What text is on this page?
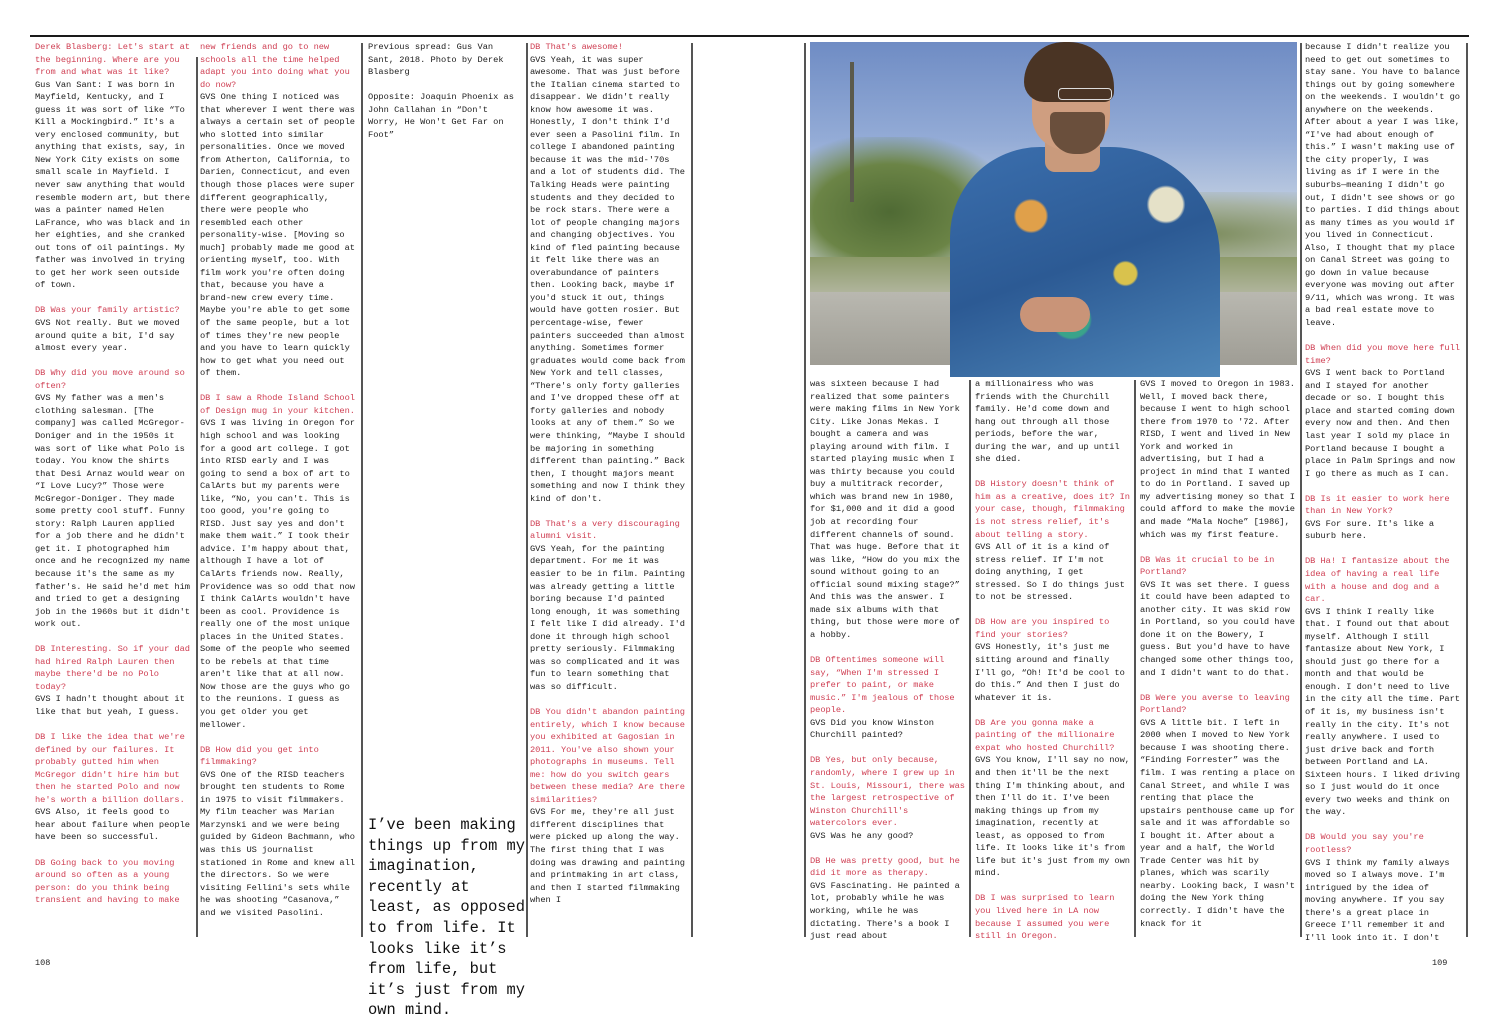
Derek Blasberg: Let's start at the beginning. Where are you from and what was it like?

Gus Van Sant: I was born in Mayfield, Kentucky, and I guess it was sort of like “To Kill a Mockingbird.” It's a very enclosed community, but anything that exists, say, in New York City exists on some small scale in Mayfield. I never saw anything that would resemble modern art, but there was a painter named Helen LaFrance, who was black and in her eighties, and she cranked out tons of oil paintings. My father was involved in trying to get her work seen outside of town.

DB Was your family artistic?

GVS Not really. But we moved around quite a bit, I'd say almost every year.

DB Why did you move around so often?

GVS My father was a men's clothing salesman. [The company] was called McGregor-Doniger and in the 1950s it was sort of like what Polo is today. You know the shirts that Desi Arnaz would wear on “I Love Lucy?” Those were McGregor-Doniger. They made some pretty cool stuff. Funny story: Ralph Lauren applied for a job there and he didn't get it. I photographed him once and he recognized my name because it's the same as my father's. He said he'd met him and tried to get a designing job in the 1960s but it didn't work out.

DB Interesting. So if your dad had hired Ralph Lauren then maybe there'd be no Polo today?

GVS I hadn't thought about it like that but yeah, I guess.

DB I like the idea that we're defined by our failures. It probably gutted him when McGregor didn't hire him but then he started Polo and now he's worth a billion dollars.

GVS Also, it feels good to hear about failure when people have been so successful.

DB Going back to you moving around so often as a young person: do you think being transient and having to make

new friends and go to new schools all the time helped adapt you into doing what you do now?

GVS One thing I noticed was that wherever I went there was always a certain set of people who slotted into similar personalities. Once we moved from Atherton, California, to Darien, Connecticut, and even though those places were super different geographically, there were people who resembled each other personality-wise. [Moving so much] probably made me good at orienting myself, too. With film work you're often doing that, because you have a brand-new crew every time. Maybe you're able to get some of the same people, but a lot of times they're new people and you have to learn quickly how to get what you need out of them.

DB I saw a Rhode Island School of Design mug in your kitchen.

GVS I was living in Oregon for high school and was looking for a good art college. I got into RISD early and I was going to send a box of art to CalArts but my parents were like, “No, you can't. This is too good, you're going to RISD. Just say yes and don't make them wait.” I took their advice. I'm happy about that, although I have a lot of CalArts friends now. Really, Providence was so odd that now I think CalArts wouldn't have been as cool. Providence is really one of the most unique places in the United States. Some of the people who seemed to be rebels at that time aren't like that at all now. Now those are the guys who go to the reunions. I guess as you get older you get mellower.

DB How did you get into filmmaking?

GVS One of the RISD teachers brought ten students to Rome in 1975 to visit filmmakers. My film teacher was Marian Marzynski and we were being guided by Gideon Bachmann, who was this US journalist stationed in Rome and knew all the directors. So we were visiting Fellini's sets while he was shooting “Casanova,” and we visited Pasolini.

DB That's awesome!

GVS Yeah, it was super awesome. That was just before the Italian cinema started to disappear. We didn't really know how awesome it was. Honestly, I don't think I'd ever seen a Pasolini film. In college I abandoned painting because it was the mid-'70s and a lot of students did. The Talking Heads were painting students and they decided to be rock stars. There were a lot of people changing majors and changing objectives. You kind of fled painting because it felt like there was an overabundance of painters then. Looking back, maybe if you'd stuck it out, things would have gotten rosier. But percentage-wise, fewer painters succeeded than almost anything. Sometimes former graduates would come back from New York and tell classes, “There's only forty galleries and I've dropped these off at forty galleries and nobody looks at any of them.” So we were thinking, “Maybe I should be majoring in something different than painting.” Back then, I thought majors meant something and now I think they kind of don't.

DB That's a very discouraging alumni visit.

GVS Yeah, for the painting department. For me it was easier to be in film. Painting was already getting a little boring because I'd painted long enough, it was something I felt like I did already. I'd done it through high school pretty seriously. Filmmaking was so complicated and it was fun to learn something that was so difficult.

DB You didn't abandon painting entirely, which I know because you exhibited at Gagosian in 2011. You've also shown your photographs in museums. Tell me: how do you switch gears between these media? Are there similarities?

GVS For me, they're all just different disciplines that were picked up along the way. The first thing that I was doing was drawing and painting and printmaking in art class, and then I started filmmaking when I

was sixteen because I had realized that some painters were making films in New York City. Like Jonas Mekas. I bought a camera and was playing around with film. I started playing music when I was thirty because you could buy a multitrack recorder, which was brand new in 1980, for $1,000 and it did a good job at recording four different channels of sound. That was huge. Before that it was like, “How do you mix the sound without going to an official sound mixing stage?” And this was the answer. I made six albums with that thing, but those were more of a hobby.

DB Oftentimes someone will say, “When I'm stressed I prefer to paint, or make music.” I'm jealous of those people.

GVS Did you know Winston Churchill painted?

DB Yes, but only because, randomly, where I grew up in St. Louis, Missouri, there was the largest retrospective of Winston Churchill's watercolors ever.

GVS Was he any good?

DB He was pretty good, but he did it more as therapy.

GVS Fascinating. He painted a lot, probably while he was working, while he was dictating. There's a book I just read about

a millionairess who was friends with the Churchill family. He'd come down and hang out through all those periods, before the war, during the war, and up until she died.

DB History doesn't think of him as a creative, does it? In your case, though, filmmaking is not stress relief, it's about telling a story.

GVS All of it is a kind of stress relief. If I'm not doing anything, I get stressed. So I do things just to not be stressed.

DB How are you inspired to find your stories?

GVS Honestly, it's just me sitting around and finally I'll go, “Oh! It'd be cool to do this.” And then I just do whatever it is.

DB Are you gonna make a painting of the millionaire expat who hosted Churchill?

GVS You know, I'll say no now, and then it'll be the next thing I'm thinking about, and then I'll do it. I've been making things up from my imagination, recently at least, as opposed to from life. It looks like it's from life but it's just from my own mind.

DB I was surprised to learn you lived here in LA now because I assumed you were still in Oregon.

GVS I moved to Oregon in 1983. Well, I moved back there, because I went to high school there from 1970 to '72. After RISD, I went and lived in New York and worked in advertising, but I had a project in mind that I wanted to do in Portland. I saved up my advertising money so that I could afford to make the movie and made “Mala Noche” [1986], which was my first feature.

DB Was it crucial to be in Portland?

GVS It was set there. I guess it could have been adapted to another city. It was skid row in Portland, so you could have done it on the Bowery, I guess. But you'd have to have changed some other things too, and I didn't want to do that.

DB Were you averse to leaving Portland?

GVS A little bit. I left in 2000 when I moved to New York because I was shooting there. “Finding Forrester” was the film. I was renting a place on Canal Street, and while I was renting that place the upstairs penthouse came up for sale and it was affordable so I bought it. After about a year and a half, the World Trade Center was hit by planes, which was scarily nearby. Looking back, I wasn't doing the New York thing correctly. I didn't have the knack for it

because I didn't realize you need to get out sometimes to stay sane. You have to balance things out by going somewhere on the weekends. I wouldn't go anywhere on the weekends. After about a year I was like, “I've had about enough of this.” I wasn't making use of the city properly, I was living as if I were in the suburbs—meaning I didn't go out, I didn't see shows or go to parties. I did things about as many times as you would if you lived in Connecticut. Also, I thought that my place on Canal Street was going to go down in value because everyone was moving out after 9/11, which was wrong. It was a bad real estate move to leave.

DB When did you move here full time?

GVS I went back to Portland and I stayed for another decade or so. I bought this place and started coming down every now and then. And then last year I sold my place in Portland because I bought a place in Palm Springs and now I go there as much as I can.

DB Is it easier to work here than in New York?

GVS For sure. It's like a suburb here.

DB Ha! I fantasize about the idea of having a real life with a house and dog and a car.

GVS I think I really like that. I found out that about myself. Although I still fantasize about New York, I should just go there for a month and that would be enough. I don't need to live in the city all the time. Part of it is, my business isn't really in the city. It's not really anywhere. I used to just drive back and forth between Portland and LA. Sixteen hours. I liked driving so I just would do it once every two weeks and think on the way.

DB Would you say you're rootless?

GVS I think my family always moved so I always move. I'm intrigued by the idea of moving anywhere. If you say there's a great place in Greece I'll remember it and I'll look into it. I don't

Previous spread: Gus Van Sant, 2018. Photo by Derek Blasberg

Opposite: Joaquin Phoenix as John Callahan in “Don't Worry, He Won't Get Far on Foot”

I’ve been making things up from my imagination, recently at least, as opposed to from life. It looks like it’s from life, but it’s just from my own mind.
108	109
